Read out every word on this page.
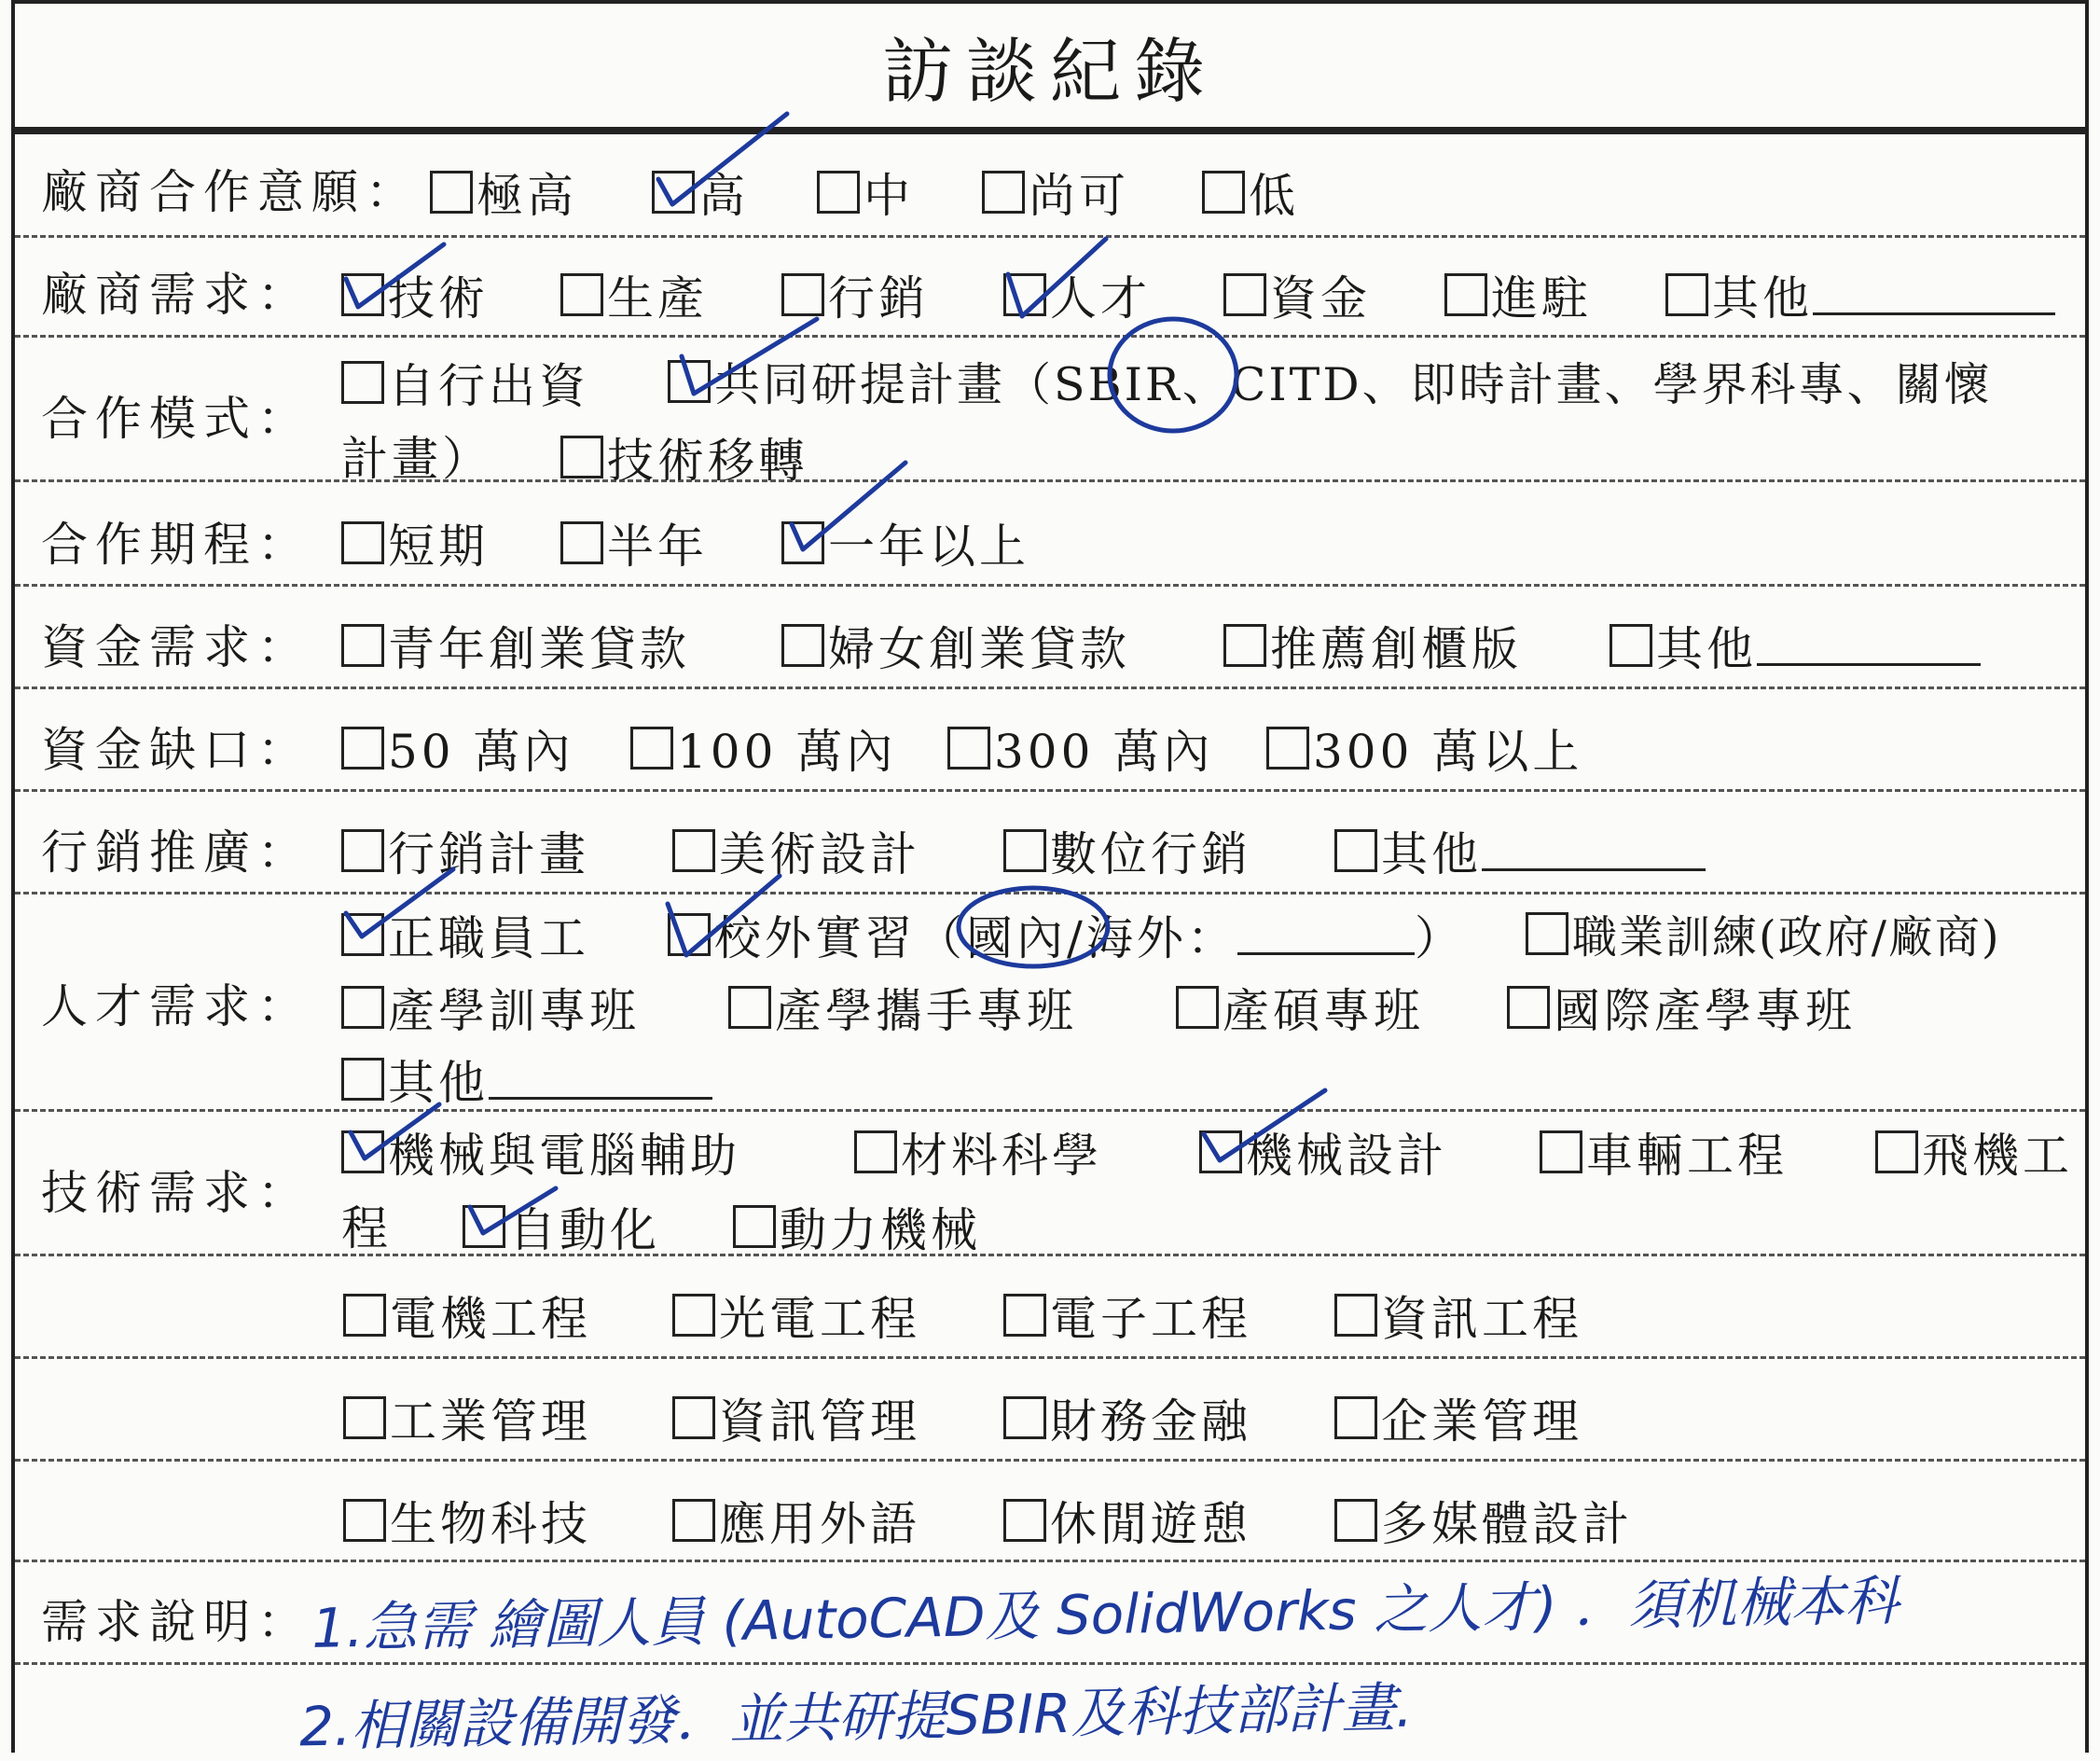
訪談紀錄
廠商合作意願： 極高	高 中 尚可	低
廠商需求： 技術	生產	行銷	人才	資金	進駐	其他
合作模式：
自行出資	共同研提計畫（SBIR、CITD、即時計畫、學界科專、關懷
計畫） 技術移轉
合作期程： 短期	半年	一年以上
資金需求： 青年創業貸款	婦女創業貸款	推薦創櫃版	其他
資金缺口： 50 萬內 100 萬內 300 萬內 300 萬以上
行銷推廣： 行銷計畫	美術設計	數位行銷	其他
人才需求：
正職員工	校外實習（國內/海外：	） 職業訓練(政府/廠商)
產學訓專班	產學攜手專班	產碩專班	國際產學專班
其他
技術需求：
機械與電腦輔助	材料科學	機械設計	車輛工程	飛機工
程	自動化	動力機械
電機工程	光電工程	電子工程	資訊工程
工業管理	資訊管理	財務金融	企業管理
生物科技	應用外語	休閒遊憩	多媒體設計
需求說明： 1.急需 繪圖人員 (AutoCAD及 SolidWorks 之人才) ．須机械本科
2.相關設備開發．並共研提SBIR及科技部計畫.
